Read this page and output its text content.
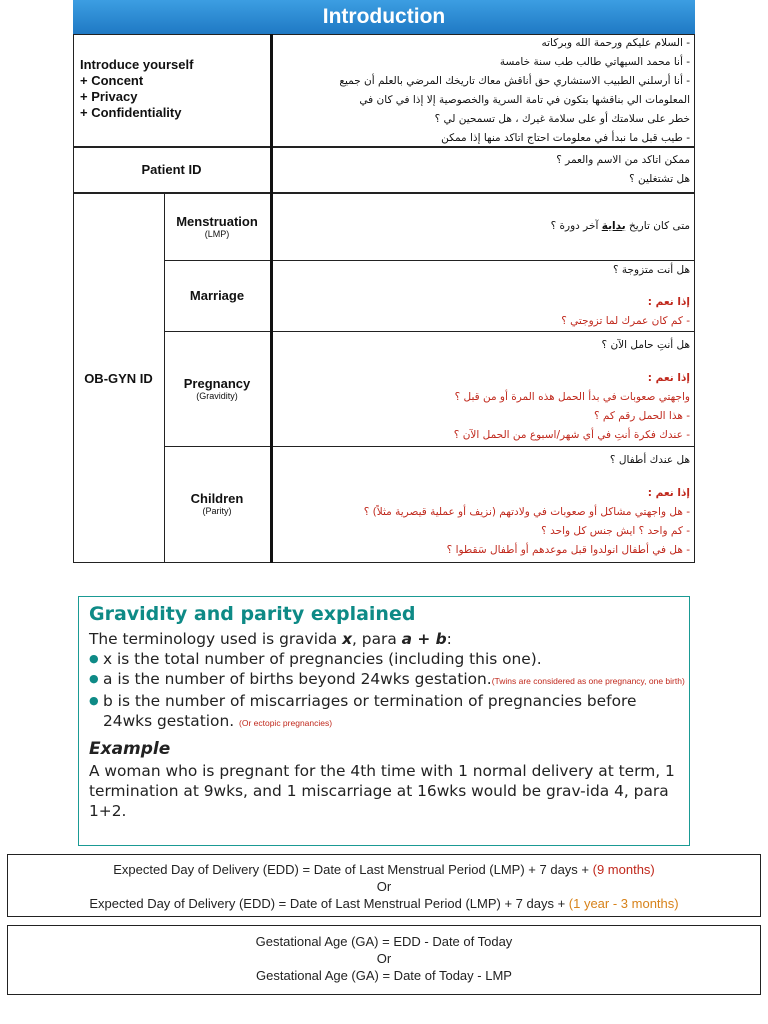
Introduction
Introduce yourself
+ Concent
+ Privacy
+ Confidentiality
- السلام عليكم ورحمة الله وبركاته
- أنا محمد السيهاتي طالب طب سنة خامسة
- أنا أرسلني الطبيب الاستشاري حق أناقش معاك تاريخك المرضي بالعلم أن جميع
المعلومات الي بناقشها بتكون في تامة السرية والخصوصية إلا إذا في كان في
خطر على سلامتك أو على سلامة غيرك ، هل تسمحين لي ؟
- طيب قبل ما نبدأ في معلومات احتاج اتاكد منها إذا ممكن
Patient ID
ممكن اتاكد من الاسم والعمر ؟
هل تشتغلين ؟
OB-GYN ID
Menstruation
(LMP)
متى كان تاريخ بداية آخر دورة ؟
Marriage
هل أنت متزوجة ؟
إذا نعم :
- كم كان عمرك لما تزوجتي ؟
Pregnancy
(Gravidity)
هل أنتِ حامل الآن ؟
إذا نعم :
واجهتي صعوبات في بدأ الحمل هذه المرة أو من قبل ؟
- هذا الحمل رقم كم ؟
- عندك فكرة أنتِ في أي شهر/اسبوع من الحمل الآن ؟
Children
(Parity)
هل عندك أطفال ؟
إذا نعم :
- هل واجهتي مشاكل أو صعوبات في ولادتهم (نزيف أو عملية قيصرية مثلاً) ؟
- كم واحد ؟ ايش جنس كل واحد ؟
- هل في أطفال انولدوا قبل موعدهم أو أطفال سَقطوا ؟
Gravidity and parity explained
The terminology used is gravida x, para a + b:
● x is the total number of pregnancies (including this one).
● a is the number of births beyond 24wks gestation.(Twins are considered as one pregnancy, one birth)
● b is the number of miscarriages or termination of pregnancies before 24wks gestation. (Or ectopic pregnancies)
Example
A woman who is pregnant for the 4th time with 1 normal delivery at term, 1 termination at 9wks, and 1 miscarriage at 16wks would be grav-ida 4, para 1+2.
Expected Day of Delivery (EDD) = Date of Last Menstrual Period (LMP) + 7 days + (9 months)
Or
Expected Day of Delivery (EDD) = Date of Last Menstrual Period (LMP) + 7 days + (1 year - 3 months)
Gestational Age (GA) = EDD - Date of Today
Or
Gestational Age (GA) = Date of Today - LMP
